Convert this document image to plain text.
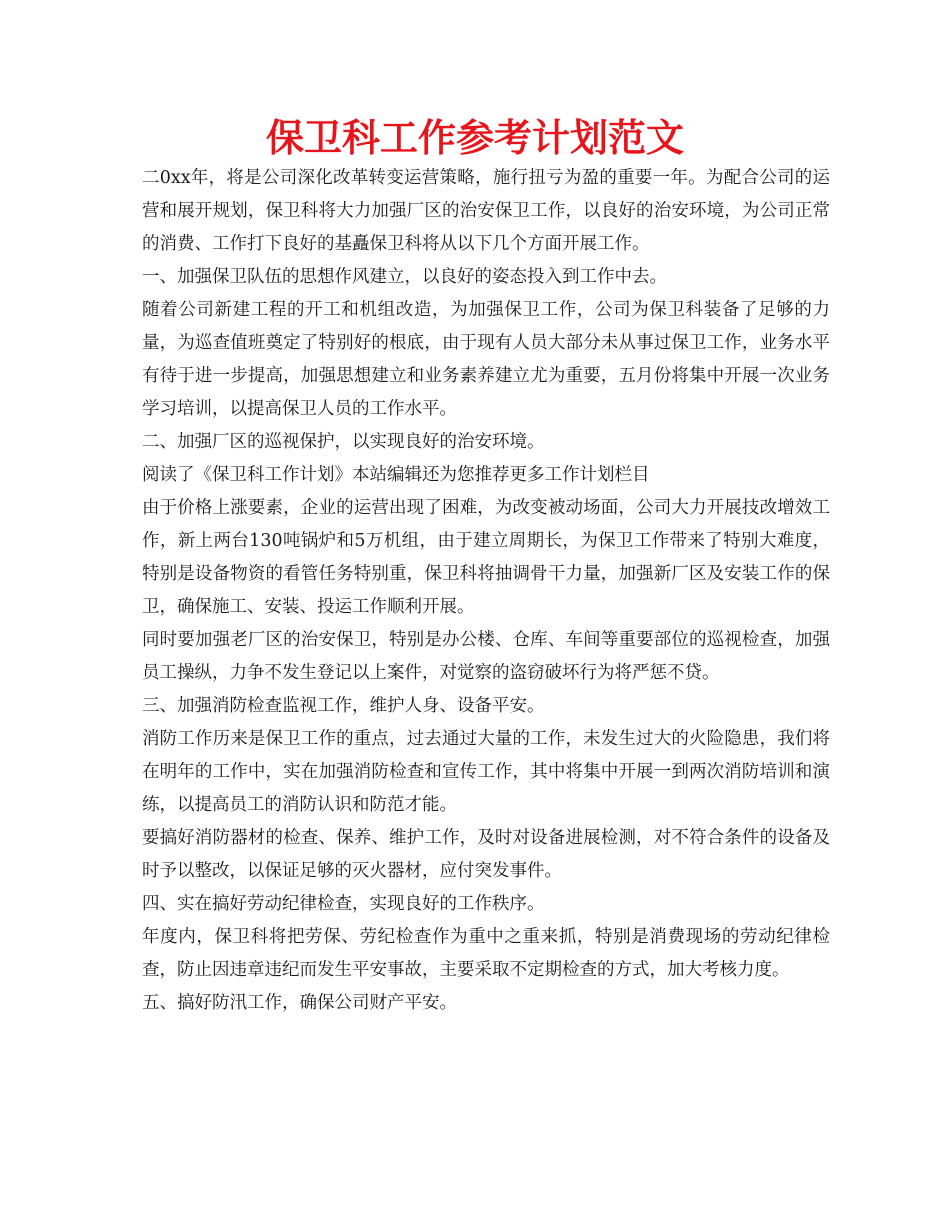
保卫科工作参考计划范文

二0xx年，将是公司深化改革转变运营策略，施行扭亏为盈的重要一年。为配合公司的运营和展开规划，保卫科将大力加强厂区的治安保卫工作，以良好的治安环境，为公司正常的消费、工作打下良好的基矗保卫科将从以下几个方面开展工作。

一、加强保卫队伍的思想作风建立，以良好的姿态投入到工作中去。

随着公司新建工程的开工和机组改造，为加强保卫工作，公司为保卫科装备了足够的力量，为巡查值班奠定了特别好的根底，由于现有人员大部分未从事过保卫工作，业务水平有待于进一步提高，加强思想建立和业务素养建立尤为重要，五月份将集中开展一次业务学习培训，以提高保卫人员的工作水平。

二、加强厂区的巡视保护，以实现良好的治安环境。

阅读了《保卫科工作计划》本站编辑还为您推荐更多工作计划栏目

由于价格上涨要素，企业的运营出现了困难，为改变被动场面，公司大力开展技改增效工作，新上两台130吨锅炉和5万机组，由于建立周期长，为保卫工作带来了特别大难度，特别是设备物资的看管任务特别重，保卫科将抽调骨干力量，加强新厂区及安装工作的保卫，确保施工、安装、投运工作顺利开展。

同时要加强老厂区的治安保卫，特别是办公楼、仓库、车间等重要部位的巡视检查，加强员工操纵，力争不发生登记以上案件，对觉察的盗窃破坏行为将严惩不贷。

三、加强消防检查监视工作，维护人身、设备平安。

消防工作历来是保卫工作的重点，过去通过大量的工作，未发生过大的火险隐患，我们将在明年的工作中，实在加强消防检查和宣传工作，其中将集中开展一到两次消防培训和演练，以提高员工的消防认识和防范才能。

要搞好消防器材的检查、保养、维护工作，及时对设备进展检测，对不符合条件的设备及时予以整改，以保证足够的灭火器材，应付突发事件。

四、实在搞好劳动纪律检查，实现良好的工作秩序。

年度内，保卫科将把劳保、劳纪检查作为重中之重来抓，特别是消费现场的劳动纪律检查，防止因违章违纪而发生平安事故，主要采取不定期检查的方式，加大考核力度。

五、搞好防汛工作，确保公司财产平安。
